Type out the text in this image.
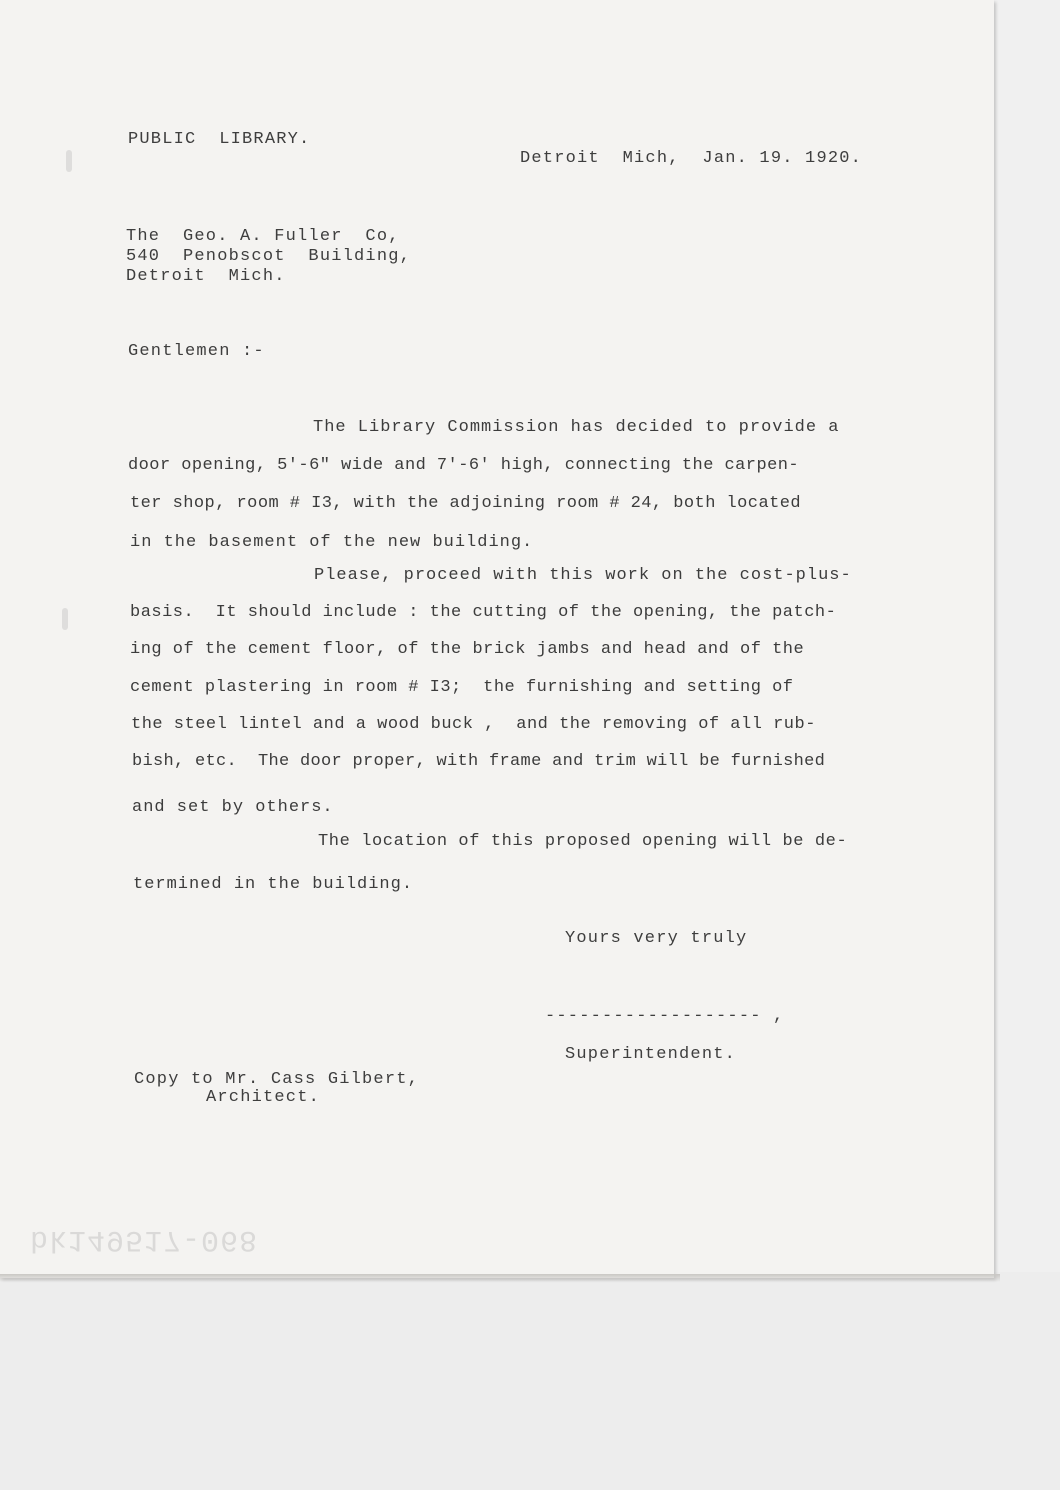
PUBLIC  LIBRARY.
Detroit  Mich,  Jan. 19. 1920.
The  Geo. A. Fuller  Co,
540  Penobscot  Building,
Detroit  Mich.
Gentlemen :-
The Library Commission has decided to provide a
door opening, 5'-6" wide and 7'-6' high, connecting the carpen-
ter shop, room # I3, with the adjoining room # 24, both located
in the basement of the new building.
Please, proceed with this work on the cost-plus-
basis.  It should include : the cutting of the opening, the patch-
ing of the cement floor, of the brick jambs and head and of the
cement plastering in room # I3;  the furnishing and setting of
the steel lintel and a wood buck ,  and the removing of all rub-
bish, etc.  The door proper, with frame and trim will be furnished
and set by others.
The location of this proposed opening will be de-
termined in the building.
Yours very truly
------------------- ,
Superintendent.
Copy to Mr. Cass Gilbert,
Architect.
bk149517-068
